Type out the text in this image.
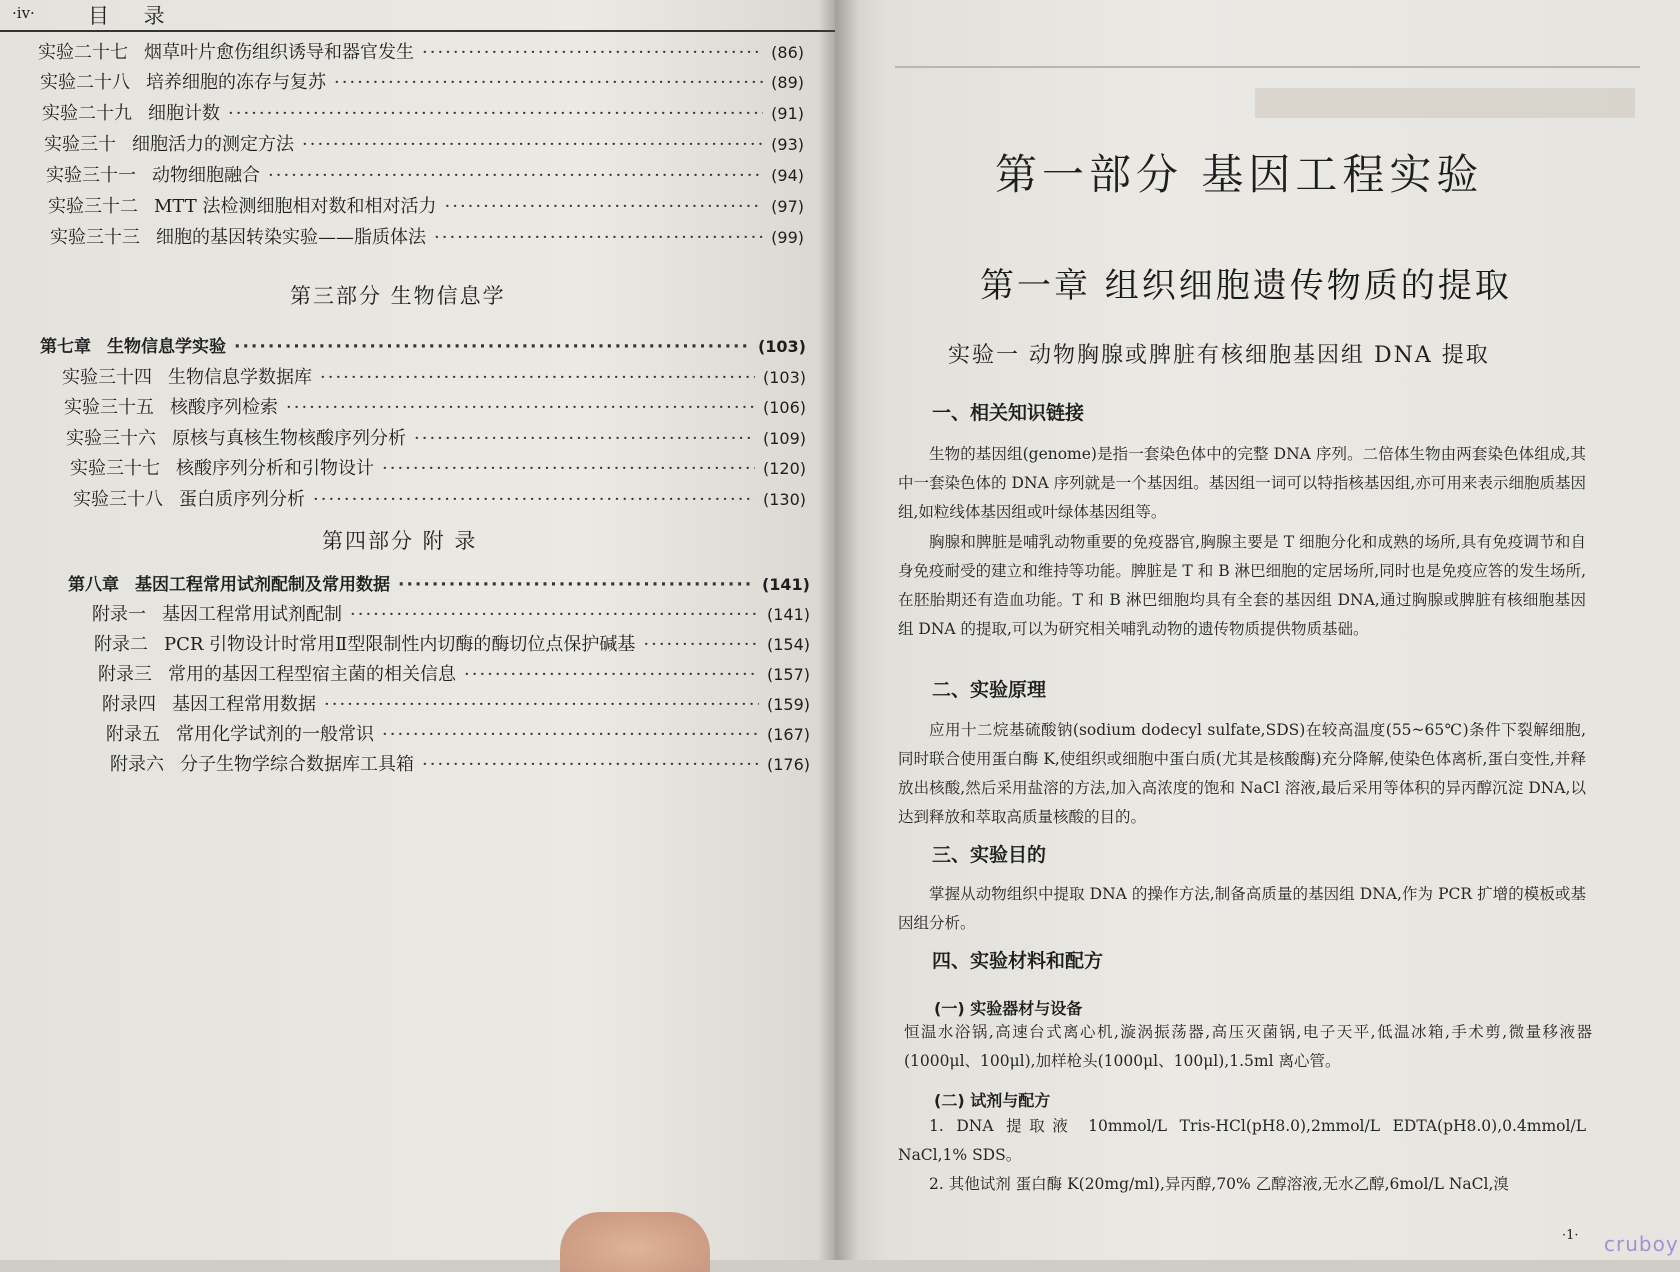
·iv·	目 录
实验二十七 烟草叶片愈伤组织诱导和器官发生 ·····	(86)
实验二十八 培养细胞的冻存与复苏 ·····	(89)
实验二十九 细胞计数 ·····	(91)
实验三十 细胞活力的测定方法 ·····	(93)
实验三十一 动物细胞融合 ·····	(94)
实验三十二 MTT 法检测细胞相对数和相对活力 ·····	(97)
实验三十三 细胞的基因转染实验——脂质体法 ·····	(99)
第三部分 生物信息学
第七章 生物信息学实验 ·····	(103)
实验三十四 生物信息学数据库 ·····	(103)
实验三十五 核酸序列检索 ·····	(106)
实验三十六 原核与真核生物核酸序列分析 ·····	(109)
实验三十七 核酸序列分析和引物设计 ·····	(120)
实验三十八 蛋白质序列分析 ·····	(130)
第四部分 附 录
第八章 基因工程常用试剂配制及常用数据 ·····	(141)
附录一 基因工程常用试剂配制 ·····	(141)
附录二 PCR 引物设计时常用Ⅱ型限制性内切酶的酶切位点保护碱基 ·····	(154)
附录三 常用的基因工程型宿主菌的相关信息 ·····	(157)
附录四 基因工程常用数据 ·····	(159)
附录五 常用化学试剂的一般常识 ·····	(167)
附录六 分子生物学综合数据库工具箱 ·····	(176)
第一部分 基因工程实验
第一章 组织细胞遗传物质的提取
实验一 动物胸腺或脾脏有核细胞基因组 DNA 提取
一、相关知识链接

生物的基因组(genome)是指一套染色体中的完整 DNA 序列。二倍体生物由两套染色体组成,其中一套染色体的 DNA 序列就是一个基因组。基因组一词可以特指核基因组,亦可用来表示细胞质基因组,如粒线体基因组或叶绿体基因组等。

胸腺和脾脏是哺乳动物重要的免疫器官,胸腺主要是 T 细胞分化和成熟的场所,具有免疫调节和自身免疫耐受的建立和维持等功能。脾脏是 T 和 B 淋巴细胞的定居场所,同时也是免疫应答的发生场所,在胚胎期还有造血功能。T 和 B 淋巴细胞均具有全套的基因组 DNA,通过胸腺或脾脏有核细胞基因组 DNA 的提取,可以为研究相关哺乳动物的遗传物质提供物质基础。

二、实验原理

应用十二烷基硫酸钠(sodium dodecyl sulfate,SDS)在较高温度(55~65℃)条件下裂解细胞,同时联合使用蛋白酶 K,使组织或细胞中蛋白质(尤其是核酸酶)充分降解,使染色体离析,蛋白变性,并释放出核酸,然后采用盐溶的方法,加入高浓度的饱和 NaCl 溶液,最后采用等体积的异丙醇沉淀 DNA,以达到释放和萃取高质量核酸的目的。

三、实验目的

掌握从动物组织中提取 DNA 的操作方法,制备高质量的基因组 DNA,作为 PCR 扩增的模板或基因组分析。

四、实验材料和配方
(一) 实验器材与设备

恒温水浴锅,高速台式离心机,漩涡振荡器,高压灭菌锅,电子天平,低温冰箱,手术剪,微量移液器(1000μl、100μl),加样枪头(1000μl、100μl),1.5ml 离心管。

(二) 试剂与配方

1. DNA 提取液 10mmol/L Tris-HCl(pH8.0),2mmol/L EDTA(pH8.0),0.4mmol/L NaCl,1% SDS。

2. 其他试剂 蛋白酶 K(20mg/ml),异丙醇,70% 乙醇溶液,无水乙醇,6mol/L NaCl,溴

·1· cruboy
